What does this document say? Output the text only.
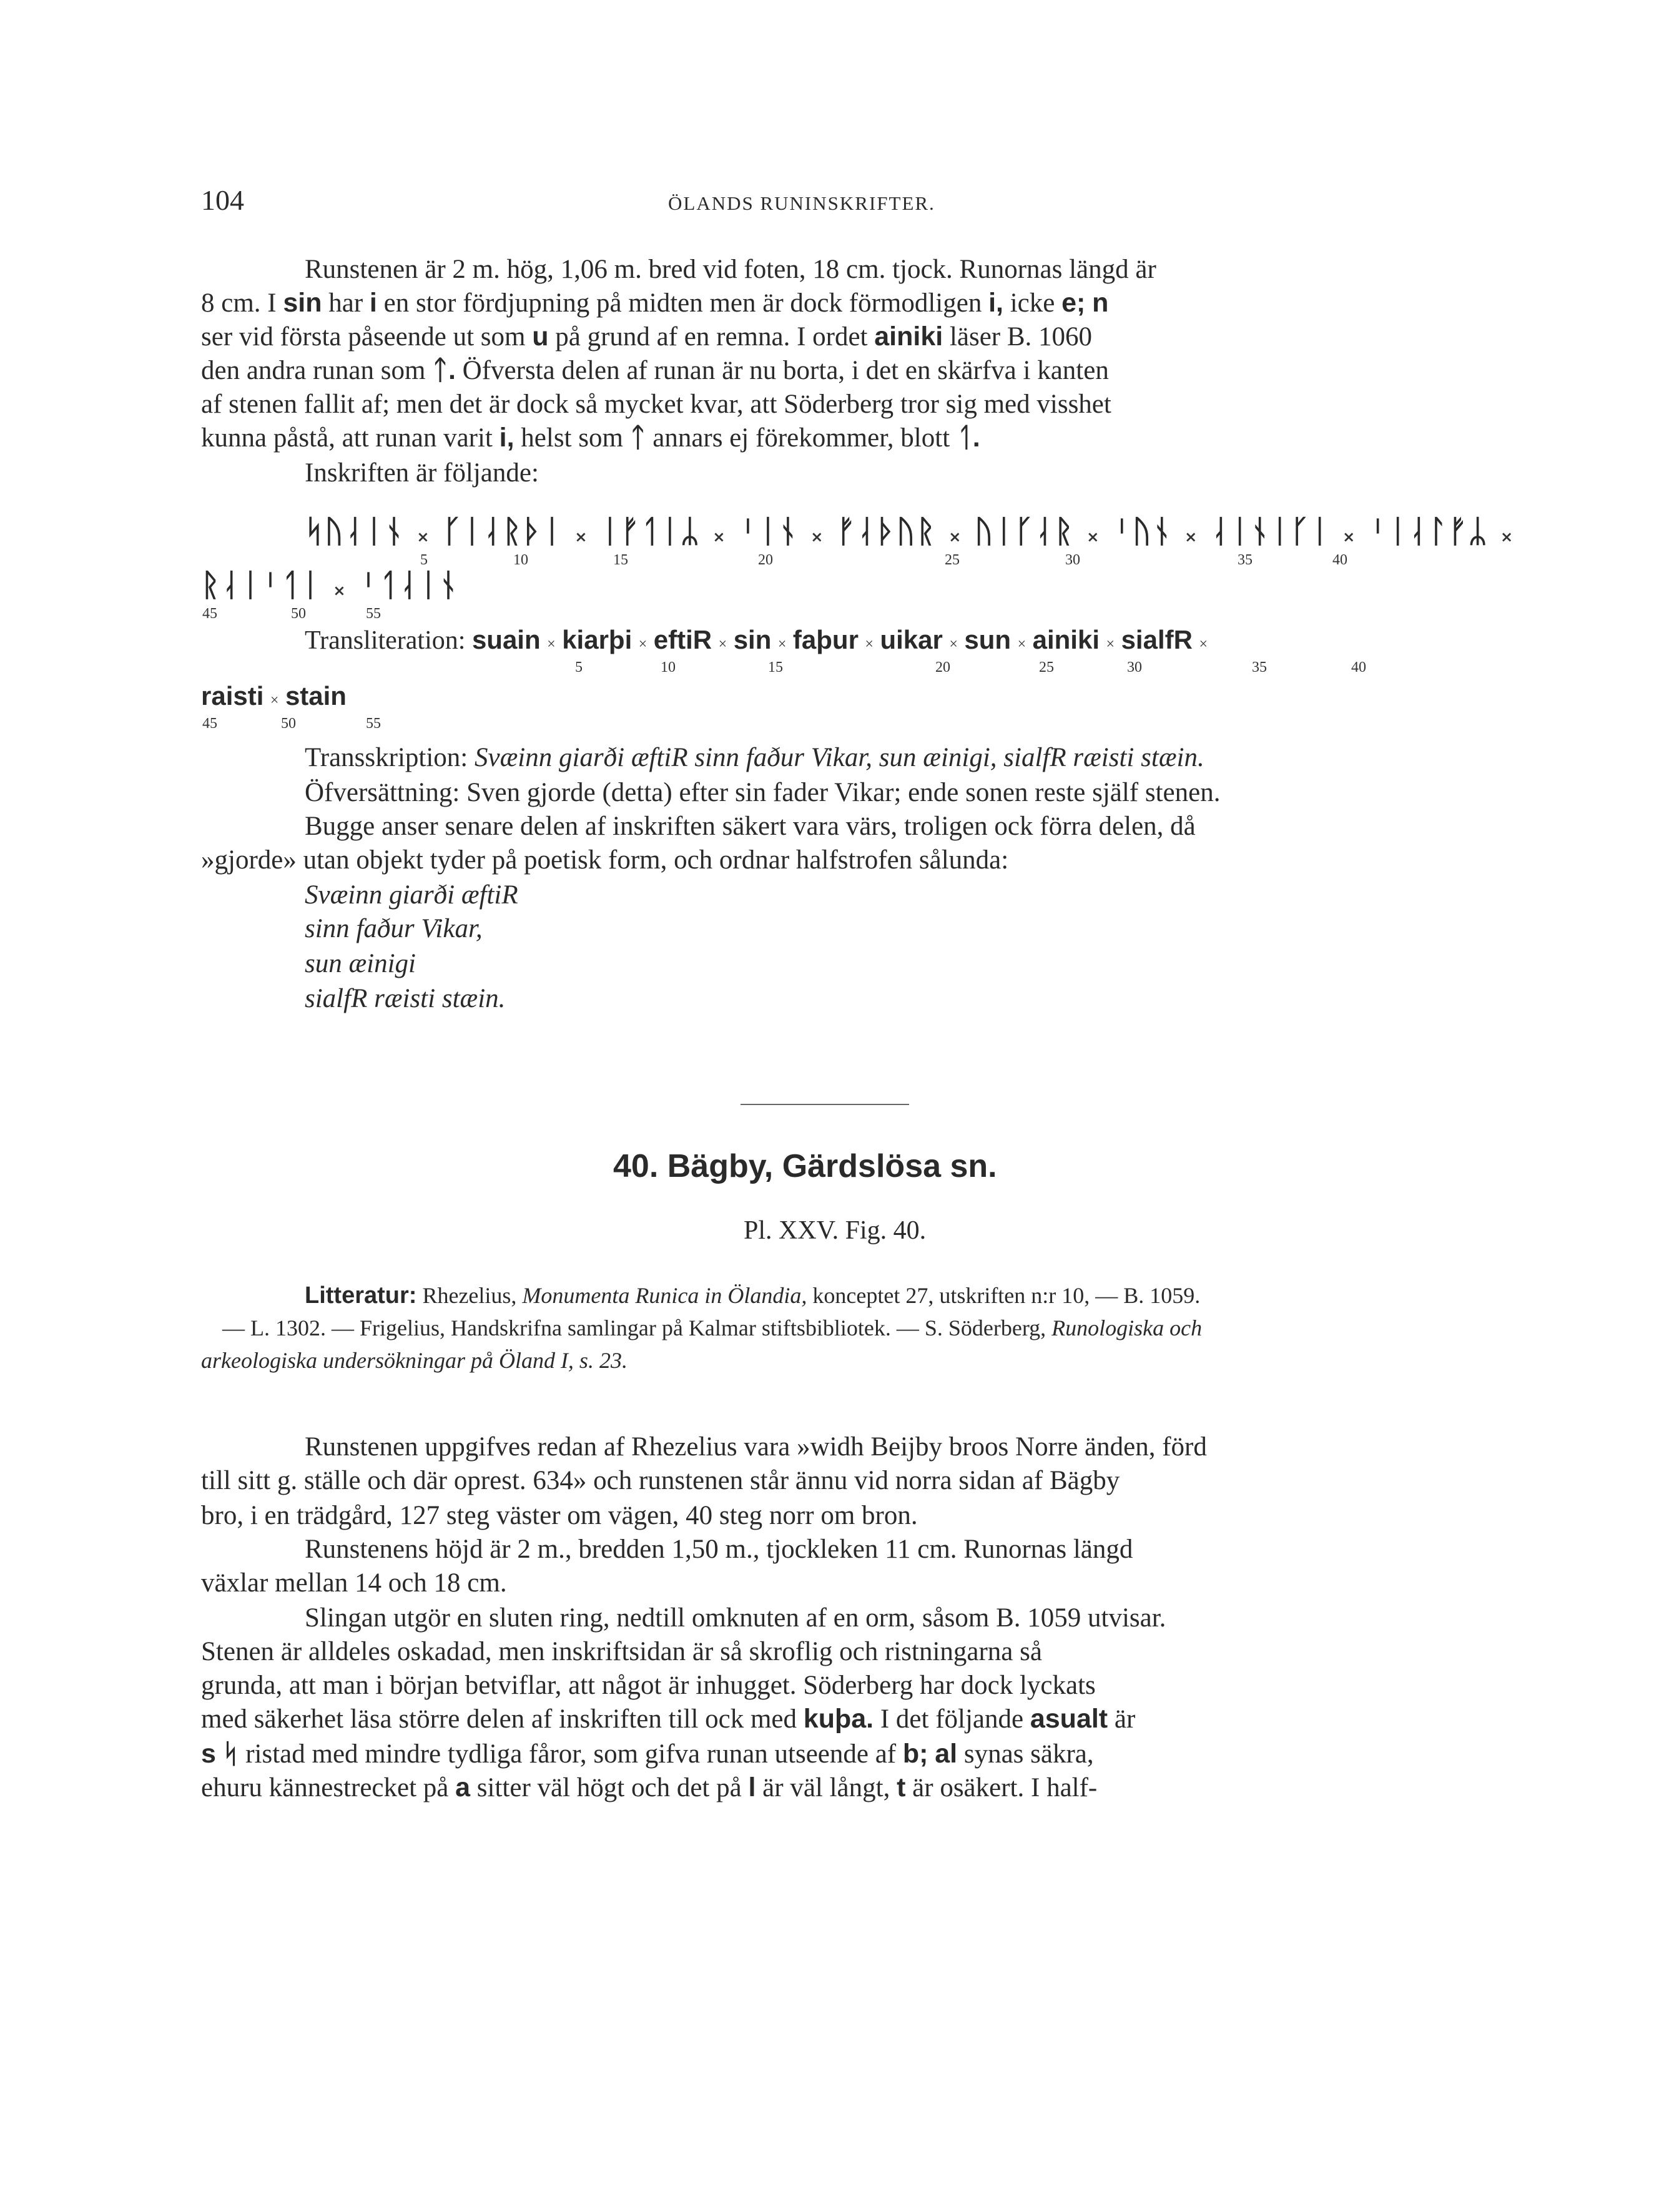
104	ÖLANDS RUNINSKRIFTER.
Runstenen är 2 m. hög, 1,06 m. bred vid foten, 18 cm. tjock. Runornas längd är
8 cm. I sin har i en stor fördjupning på midten men är dock förmodligen i, icke e; n
ser vid första påseende ut som u på grund af en remna. I ordet ainiki läser B. 1060
den andra runan som ᛏ. Öfversta delen af runan är nu borta, i det en skärfva i kanten
af stenen fallit af; men det är dock så mycket kvar, att Söderberg tror sig med visshet
kunna påstå, att runan varit i, helst som ᛏ annars ej förekommer, blott ᛐ.
Inskriften är följande:
ᛋᚢᛆᛁᚾ × ᚴᛁᛆᚱᚦᛁ × ᛁᚠᛐᛁᛦ × ᛌᛁᚾ × ᚠᛆᚦᚢᚱ × ᚢᛁᚴᛆᚱ × ᛌᚢᚾ × ᛆᛁᚾᛁᚴᛁ × ᛌᛁᛆᛚᚠᛦ ×
5	10	15	20	25	30	35	40
ᚱᛆᛁᛌᛐᛁ × ᛌᛐᛆᛁᚾ
45	50	55
Transliteration: suain × kiarþi × eftiR × sin × faþur × uikar × sun × ainiki × sialfR ×
5	10	15	20	25	30	35	40
raisti × stain
45	50	55
Transskription: Svæinn giarði æftiR sinn faður Vikar, sun æinigi, sialfR ræisti stæin.
Öfversättning: Sven gjorde (detta) efter sin fader Vikar; ende sonen reste själf stenen.
Bugge anser senare delen af inskriften säkert vara värs, troligen ock förra delen, då
»gjorde» utan objekt tyder på poetisk form, och ordnar halfstrofen sålunda:
Svæinn giarði æftiR
sinn faður Vikar,
sun æinigi
sialfR ræisti stæin.
40. Bägby, Gärdslösa sn.
Pl. XXV. Fig. 40.
Litteratur: Rhezelius, Monumenta Runica in Ölandia, konceptet 27, utskriften n:r 10, — B. 1059.
— L. 1302. — Frigelius, Handskrifna samlingar på Kalmar stiftsbibliotek. — S. Söderberg, Runologiska och
arkeologiska undersökningar på Öland I, s. 23.
Runstenen uppgifves redan af Rhezelius vara »widh Beijby broos Norre änden, förd
till sitt g. ställe och där oprest. 634» och runstenen står ännu vid norra sidan af Bägby
bro, i en trädgård, 127 steg väster om vägen, 40 steg norr om bron.
Runstenens höjd är 2 m., bredden 1,50 m., tjockleken 11 cm. Runornas längd
växlar mellan 14 och 18 cm.
Slingan utgör en sluten ring, nedtill omknuten af en orm, såsom B. 1059 utvisar.
Stenen är alldeles oskadad, men inskriftsidan är så skroflig och ristningarna så
grunda, att man i början betviflar, att något är inhugget. Söderberg har dock lyckats
med säkerhet läsa större delen af inskriften till ock med kuþa. I det följande asualt är
s ᛋ ristad med mindre tydliga fåror, som gifva runan utseende af b; al synas säkra,
ehuru kännestrecket på a sitter väl högt och det på l är väl långt, t är osäkert. I half-
